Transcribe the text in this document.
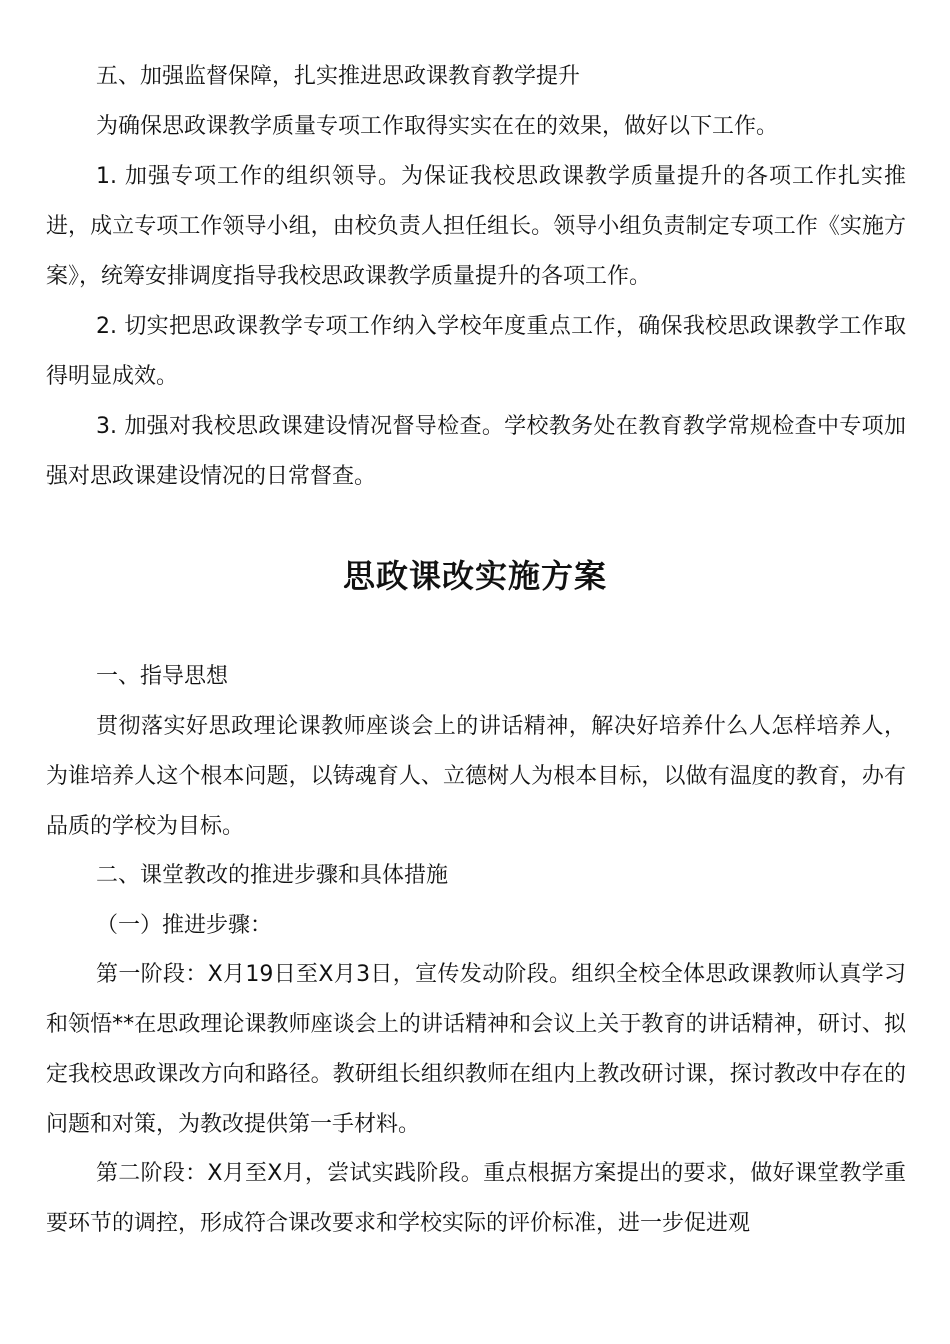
五、加强监督保障，扎实推进思政课教育教学提升

为确保思政课教学质量专项工作取得实实在在的效果，做好以下工作。

1. 加强专项工作的组织领导。为保证我校思政课教学质量提升的各项工作扎实推进，成立专项工作领导小组，由校负责人担任组长。领导小组负责制定专项工作《实施方案》，统筹安排调度指导我校思政课教学质量提升的各项工作。

2. 切实把思政课教学专项工作纳入学校年度重点工作，确保我校思政课教学工作取得明显成效。

3. 加强对我校思政课建设情况督导检查。学校教务处在教育教学常规检查中专项加强对思政课建设情况的日常督查。

思政课改实施方案

一、指导思想

贯彻落实好思政理论课教师座谈会上的讲话精神，解决好培养什么人怎样培养人，为谁培养人这个根本问题，以铸魂育人、立德树人为根本目标，以做有温度的教育，办有品质的学校为目标。

二、课堂教改的推进步骤和具体措施

（一）推进步骤：

第一阶段：X月19日至X月3日，宣传发动阶段。组织全校全体思政课教师认真学习和领悟**在思政理论课教师座谈会上的讲话精神和会议上关于教育的讲话精神，研讨、拟定我校思政课改方向和路径。教研组长组织教师在组内上教改研讨课，探讨教改中存在的问题和对策，为教改提供第一手材料。

第二阶段：X月至X月，尝试实践阶段。重点根据方案提出的要求，做好课堂教学重要环节的调控，形成符合课改要求和学校实际的评价标准，进一步促进观
